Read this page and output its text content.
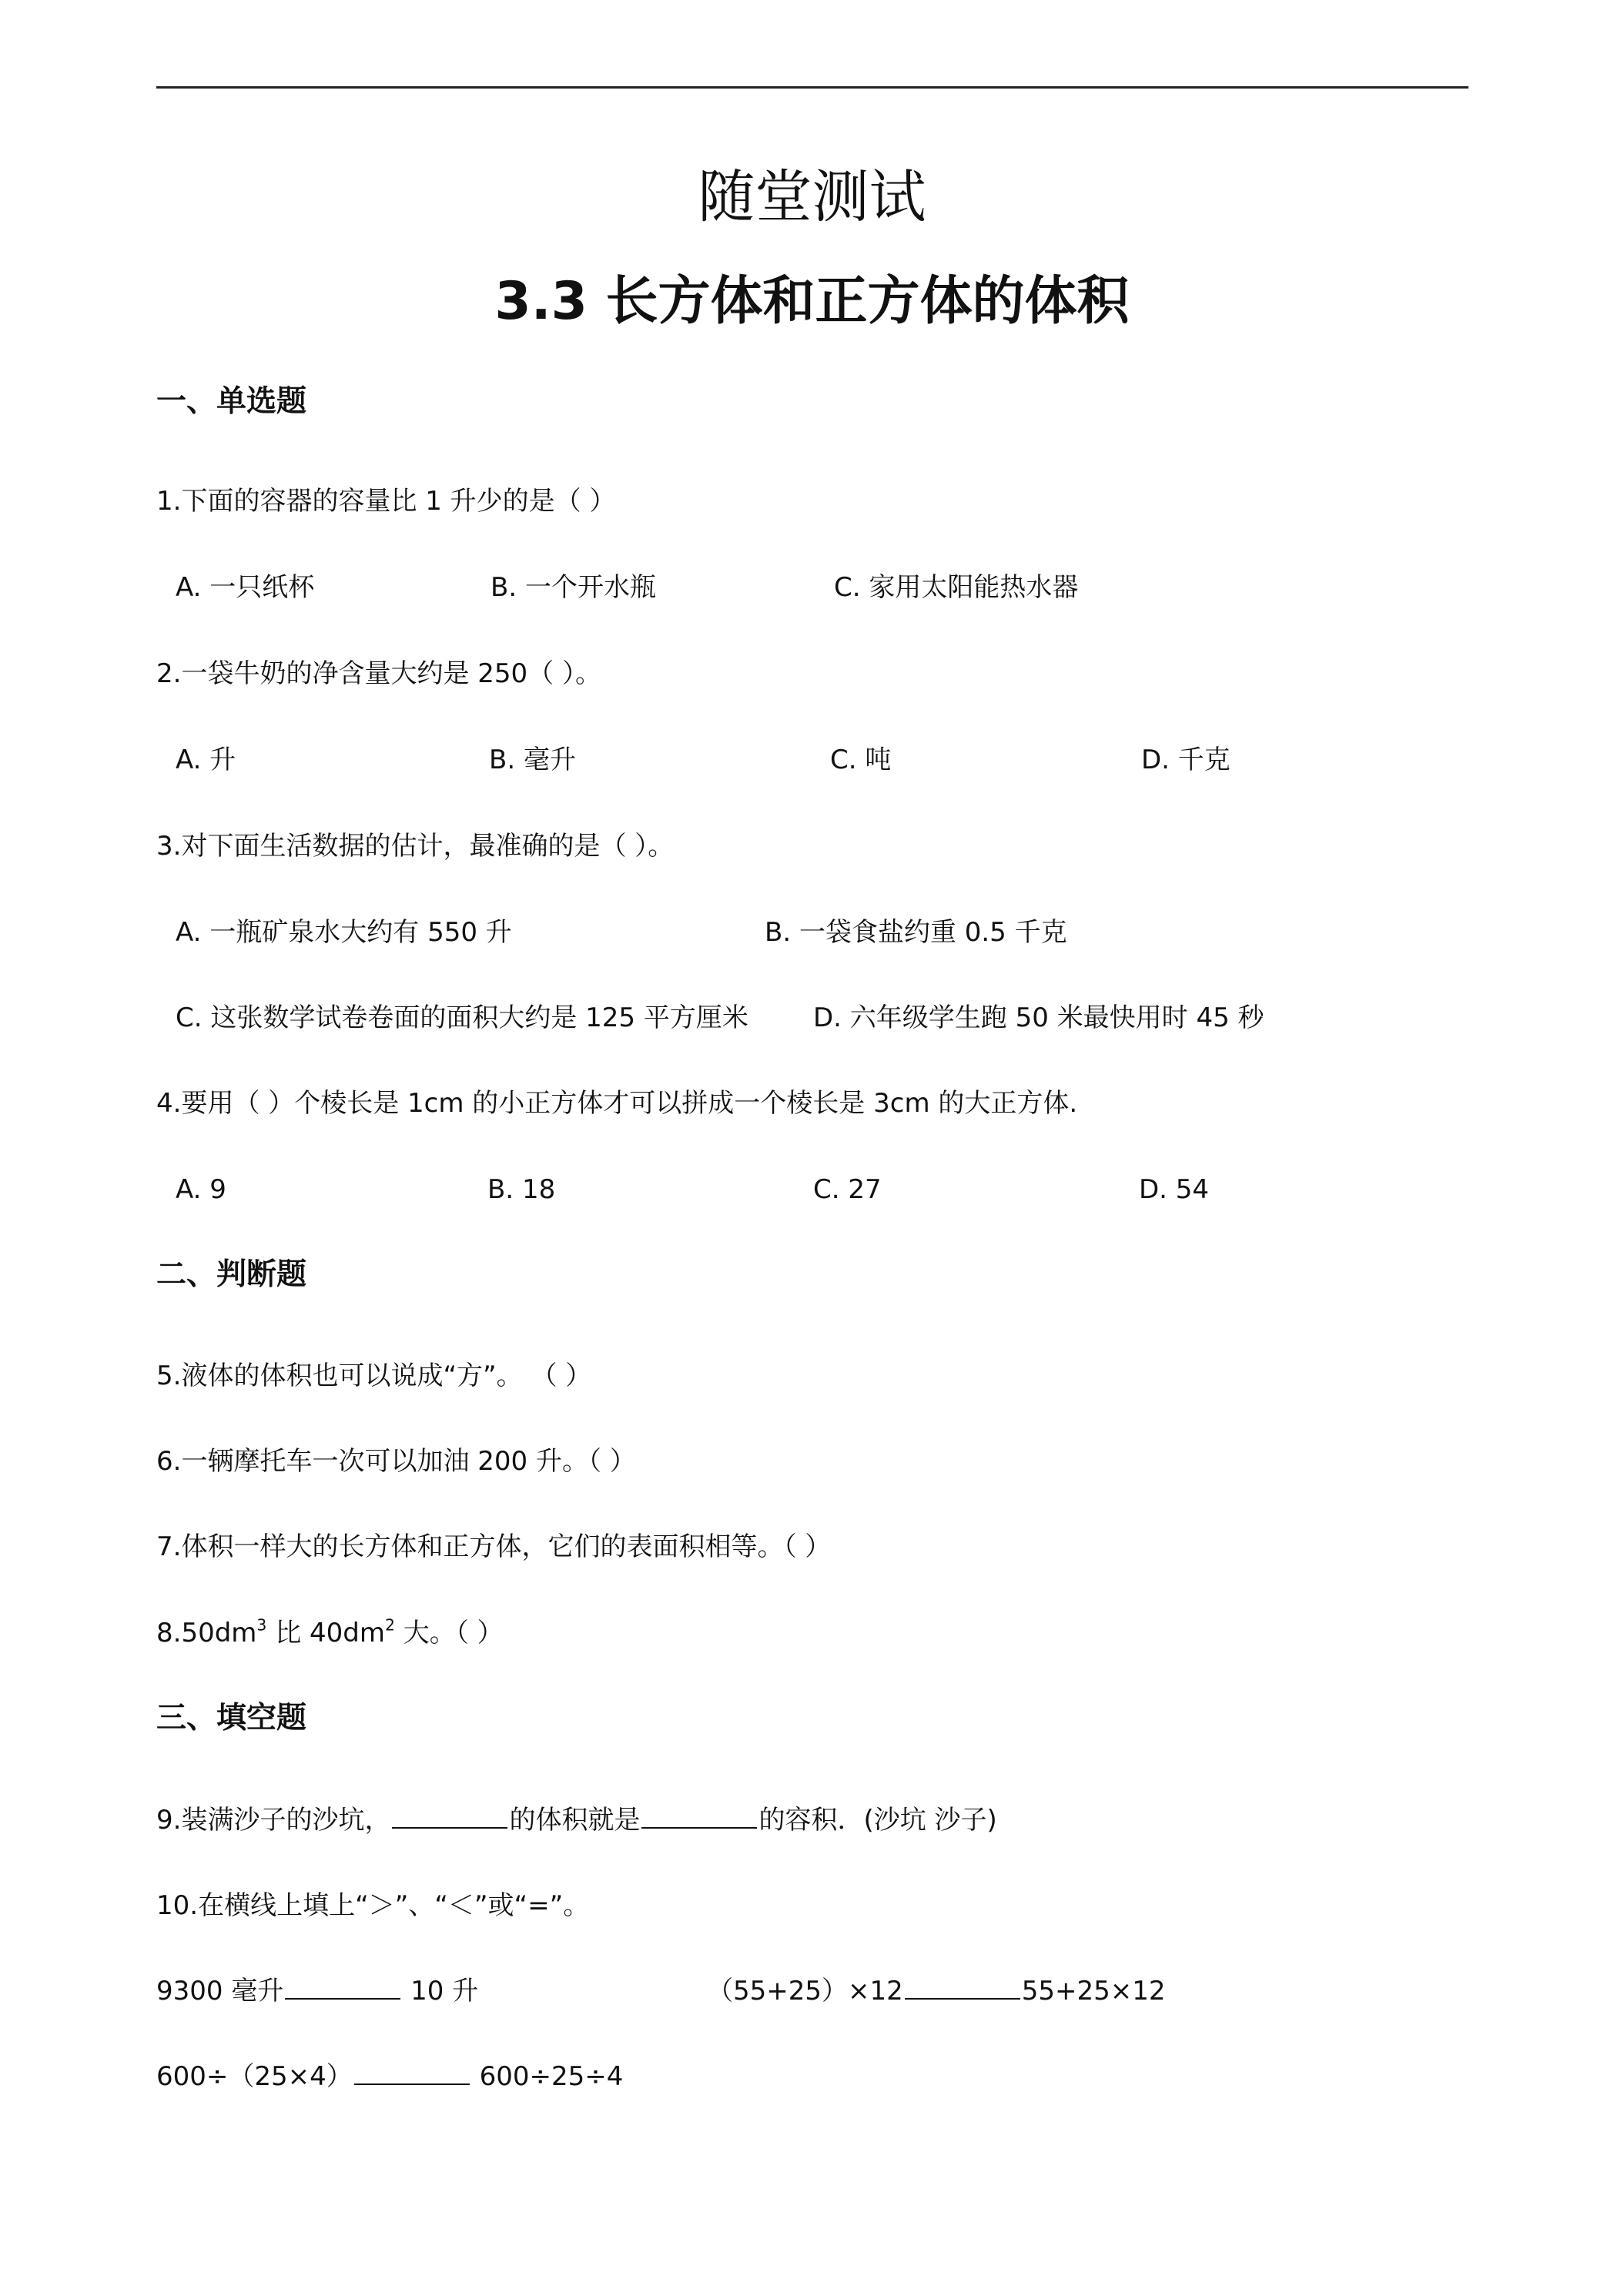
随堂测试
3.3 长方体和正方体的体积
一、单选题
1.下面的容器的容量比 1 升少的是（ ）
A. 一只纸杯	B. 一个开水瓶	C. 家用太阳能热水器
2.一袋牛奶的净含量大约是 250（ ）。
A. 升	B. 毫升	C. 吨	D. 千克
3.对下面生活数据的估计，最准确的是（ ）。
A. 一瓶矿泉水大约有 550 升	B. 一袋食盐约重 0.5 千克
C. 这张数学试卷卷面的面积大约是 125 平方厘米 D. 六年级学生跑 50 米最快用时 45 秒
4.要用（ ）个棱长是 1cm 的小正方体才可以拼成一个棱长是 3cm 的大正方体.
A. 9	B. 18	C. 27	D. 54
二、判断题
5.液体的体积也可以说成“方”。 （ ）
6.一辆摩托车一次可以加油 200 升。（ ）
7.体积一样大的长方体和正方体，它们的表面积相等。（ ）
$8.50dm^3$ 比 $40dm^2$ 大。（ ）
三、填空题
9.装满沙子的沙坑，	的体积就是	的容积．(沙坑 沙子)
10.在横线上填上“＞”、“＜”或“=”。
9300 毫升	10 升	（55+25）×12	55+25×12
600÷（25×4）	600÷25÷4
